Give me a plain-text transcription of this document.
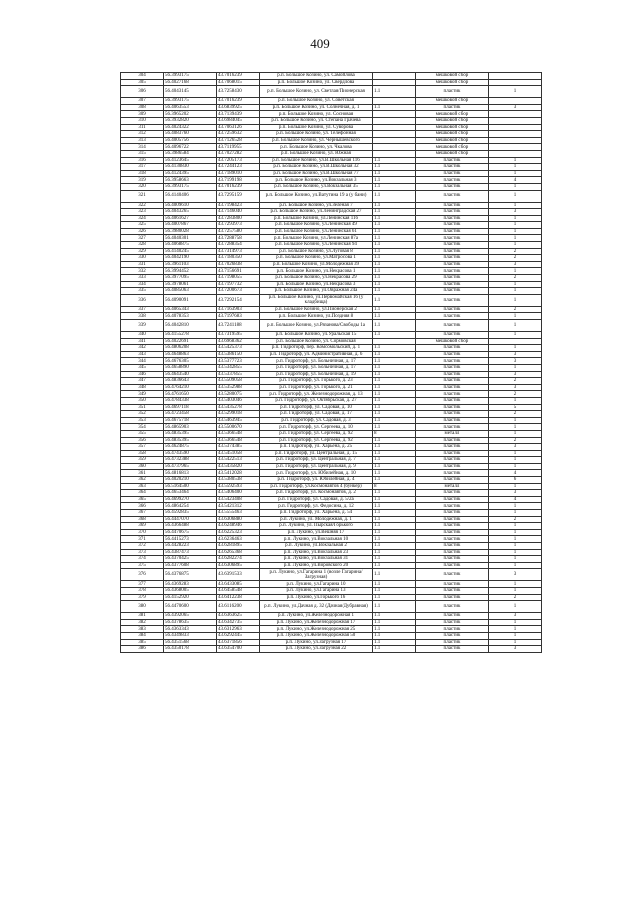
409
304	56.3993175	43.7016239	р.п. Большое Козино, ул. Самойлова		мешковой сбор	
305	56.4027168	43.7068015	р.п. Большое Козино, ул. Свердлова		мешковой сбор	
306	56.4043145	43.7258430	р.п. Большое Козино, ул. Светлая/Пионерская	1.1	пластик	1
307	56.3993175	43.7016239	р.п. Большое Козино, ул. Советская		мешковой сбор	
308	56.4063553	43.6839925	р.п. Большое Козино, ул. Солнечная, д. 1	1.1	пластик	3
309	56.3965202	43.7139439	р.п. Большое Козино, ул. Сосновая		мешковой сбор	
310	56.3932820	43.6984045	р.п. Большое Козино, ул. Степана Грачева		мешковой сбор	
311	56.4024322	43.7063126	р.п. Большое Козино, ул. Суворова		мешковой сбор	
312	56.4083760	43.7259632	р.п. Большое Козино, ул. Телефонная		мешковой сбор	
313	56.4005756	43.7126528	р.п. Большое Козино, ул. Чернышевского		мешковой сбор	
314	56.4096722	43.7119955	р.п. Большое Козино, ул. Чкалова		мешковой сбор	
315	56.3986584	43.7027282	р.п. Большое Козино, ул. Южная		мешковой сбор	
316	56.4123645	43.7205173	р.п. Большое Козино, ул.В.Школьная 116	1.1	пластик	1
317	56.4130830	43.7244123	р.п. Большое Козино, ул.В.Школьная 32	1.1	пластик	1
318	56.4124395	43.7189010	р.п. Большое Козино, ул.В.Школьная 77	1.1	пластик	1
319	56.3958663	43.7199198	р.п. Большое Козино, ул.Вокзальная 3	1.1	пластик	4
320	56.3993175	43.7016239	р.п. Большое Козино, ул.Вокзальная 35	1.1	пластик	1
321	56.4140406	43.7295159	р.п. Большое Козино, ул.Ватутина 19 а (у бани)	1.1	пластик	1
322	56.4009610	43.7198423	р.п. Большое Козино, ул.Зеленая 7	1.1	пластик	1
323	56.4043265	43.7146040	р.п. Большое Козино, ул.Ленинградская 27	1.1	пластик	3
324	56.4061627	43.7283800	р.п. Большое Козино, ул.Ленинская 116	1.1	пластик	1
325	56.4007867	43.7293973	р.п. Большое Козино, ул.Ленинская 49	1.1	пластик	1
326	56.3980028	43.7257580	р.п. Большое Козино, ул.Ленинская 61	1.1	пластик	1
327	56.4040301	43.7288758	р.п. Большое Козино, ул.Ленинская 87а	1.1	пластик	1
328	56.4068875	43.7288354	р.п. Большое Козино, ул.Ленинская 94	1.1	пластик	1
329	56.4140245	43.7314973	р.п. Большое Козино, ул.Луговая 8	1.1	пластик	2
330	56.4042190	43.7180350	р.п. Большое Козино, ул.Матросова 1	1.1	пластик	2
331	56.3961103	43.7026838	р.п. Большое Козино, ул.Молодежная 39	1.1	пластик	3
332	56.3994452	43.7156691	р.п. Большое Козино, ул.Некрасова 1	1.1	пластик	1
333	56.3977095	43.7198055	р.п. Большое Козино, ул.Некрасова 29	1.1	пластик	2
334	56.3978061	43.7197732	р.п. Большое Козино, ул.Некрасова 3	1.1	пластик	1
335	56.4085063	43.7200673	р.п. Большое Козино, ул.Овражная 24а	1.1	пластик	1
336	56.4090091	43.7292154	р.п. Большое Козино, ул.Первомайская 16 (у кладбища)	1.1	пластик	1
337	56.4065343	43.7163903	р.п. Большое Козино, ул.Пионерская 2	1.1	пластик	2
338	56.4078353	43.7197683	р.п. Большое Козино, ул.Поздняя 8	1.1	пластик	1
339	56.4042810	43.7241188	р.п. Большое Козино, ул.Рязанова/Свободы 1а	1.1	пластик	1
340	56.4155278	43.7319595	р.п. Большое Козино, ул.Уральская 15	1.1	пластик	1
341	56.4022691	43.6968362	р.п. Большое Козино, ул. Сормовская		мешковой сбор	
342	56.4806208	43.5425373	р.п. Гидроторф, пер. Комсомольский, д. 1	1.1	пластик	1
343	56.4648863	43.5386150	р.п. Гидроторф, ул. Административная, д. 6	1.1	пластик	3
344	56.4676305	43.5377723	р.п. Гидроторф, ул. Больничная, д. 17	1.1	пластик	3
345	56.4658890	43.5342855	р.п. Гидроторф, ул. Больничная, д. 17	1.1	пластик	1
346	56.4643540	43.5337855	р.п. Гидроторф, ул. Больничная, д. 19	1.1	пластик	3
347	56.4836643	43.5509058	р.п. Гидроторф, ул. Горького, д. 23	1.1	пластик	2
348	56.4764210	43.5352988	р.п. Гидроторф, ул. Горького, д. 21	1.1	пластик	3
349	56.4761650	43.5280075	р.п. Гидроторф, ул. Железнодорожная, д. 13	1.1	пластик	2
350	56.4784338	43.5403046	р.п. Гидроторф, ул. Октябрьская, д. 27	1.1	пластик	1
351	56.4697118	43.5435278	р.п. Гидроторф, ул. Садовая, д. 10	1.1	пластик	5
352	56.4723458	43.5299018	р.п. Гидроторф, ул. Садовая, д. 17	1.1	пластик	2
353	56.4675718	43.5463945	р.п. Гидроторф, ул. Садовая, д. 3	1.1	пластик	1
354	56.4865903	43.5500670	р.п. Гидроторф, ул. Сергеева, д. 10	1.1	пластик	1
355	56.4835395	43.5366548	р.п. Гидроторф, ул. Сергеева, д. 92	8	металл	1
356	56.4835395	43.5366548	р.п. Гидроторф, ул. Сергеева, д. 92	1.1	пластик	2
357	56.4624875	43.5374385	р.п. Гидроторф, ул. Харьена, д. 25	1.1	пластик	3
358	56.4743590	43.5451058	р.п. Гидроторф, ул. Центральная, д. 15	1.1	пластик	1
359	56.4732388	43.5422513	р.п. Гидроторф, ул. Центральная, д. 7	1.1	пластик	1
360	56.4737965	43.5435820	р.п. Гидроторф, ул. Центральная, д. 9	1.1	пластик	1
361	56.4816813	43.5412028	р.п. Гидроторф, ул. Юбилейная, д. 10	1.1	пластик	4
362	56.4020210	43.5380538	р.п. Гидроторф, ул. Юбилейная, д. 4	1.1	пластик	6
363	56.5164500	43.5592593	р.п. Гидроторф, ул.Космонавтов 4 (бункер)	8	металл	1
364	56.4653464	43.5406400	р.п. Гидроторф, ул. Космонавтов, д. 2	1.1	пластик	3
365	56.4699270	43.5423408	р.п. Гидроторф, ул. Садовая, д. 5/2а	1.1	пластик	4
366	56.4864254	43.5421312	р.п. Гидроторф, ул. Федосина, д. 12	1.1	пластик	1
367	56.4592835	43.5555463	р.п. Гидроторф, ул. Харьена, д. 54	1.1	пластик	1
368	56.4447070	43.6306880	р.п. Лукино, ул. Молодежная, д. 1	1.1	пластик	2
369	56.4366488	43.6248946	р.п. Лукино, ул. Пырская/Горького	1.1	пластик	1
370	56.4470675	43.6225323	р.п. Лукино, ул.Вешняя 17	1.1	пластик	1
371	56.4415273	43.6236463	р.п. Лукино, ул.Вокзальная 10	1.1	пластик	1
372	56.4428223	43.6281895	р.п. Лукино, ул.Вокзальная 2	1.1	пластик	1
373	56.4387473	43.6265368	р.п. Лукино, ул.Вокзальная 23	1.1	пластик	1
374	56.4370425	43.6282274	р.п. Лукино, ул.Вокзальная 31	1.1	пластик	1
375	56.4377608	43.6306895	р.п. Лукино, ул.Воровского 20	1.1	пластик	1
376	56.4376875	43.6391533	р.п. Лукино, ул.Гагарина 1 (возле Гагарина/Загрузная)	1.1	пластик	3
377	56.4369283	43.6433085	р.п. Лукино, ул.Гагарина 10	1.1	пластик	1
378	56.4368005	43.6458548	р.п. Лукино, ул.Гагарина 13	1.1	пластик	1
379	56.4152920	43.6412238	р.п. Лукино, ул.Горького 16	1.1	пластик	2
380	56.4470600	43.6116200	р.п. Лукино, ул.Дачная д. 32 (Дачная/Дубравная)	1.1	пластик	1
381	56.4392065	43.6363625	р.п. Лукино, ул.Железнодорожная 1	1.1	пластик	3
382	56.4378635	43.6342735	р.п. Лукино, ул.Железнодорожная 17	1.1	пластик	1
383	56.4363343	43.6312963	р.п. Лукино, ул.Железнодорожная 25	1.1	пластик	1
384	56.4349833	43.6292445	р.п. Лукино, ул.Железнодорожная 50	1.1	пластик	1
385	56.4351568	43.6371856	р.п. Лукино, ул.Загрузная 17	1.1	пластик	1
386	56.4350178	43.6354700	р.п. Лукино, ул.Загрузная 22	1.1	пластик	3
